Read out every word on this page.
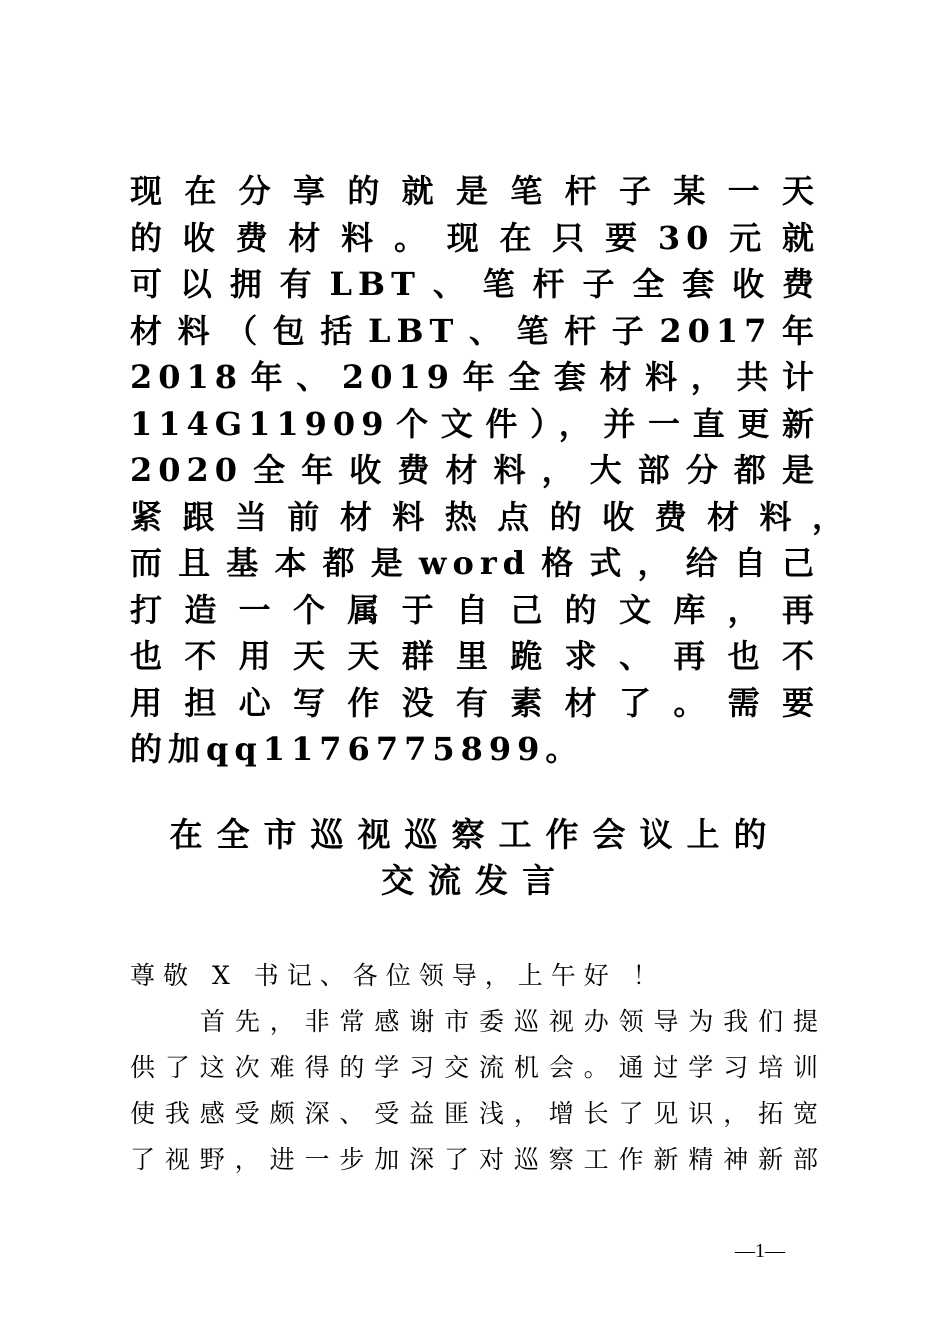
现在分享的就是笔杆子某一天
的收费材料。现在只要30元就
可以拥有LBT、笔杆子全套收费
材料（包括LBT、笔杆子2017年
2018年、2019年全套材料，共计
114G11909个文件），并一直更新
2020全年收费材料，大部分都是
紧跟当前材料热点的收费材料，
而且基本都是word格式，给自己
打造一个属于自己的文库，再
也不用天天群里跪求、再也不
用担心写作没有素材了。需要
的加qq1176775899。
在全市巡视巡察工作会议上的
交流发言
尊敬 X 书记、各位领导，上午好 ！
首先，非常感谢市委巡视办领导为我们提
供了这次难得的学习交流机会。通过学习培训
使我感受颇深、受益匪浅，增长了见识，拓宽
了视野，进一步加深了对巡察工作新精神新部
—1—
